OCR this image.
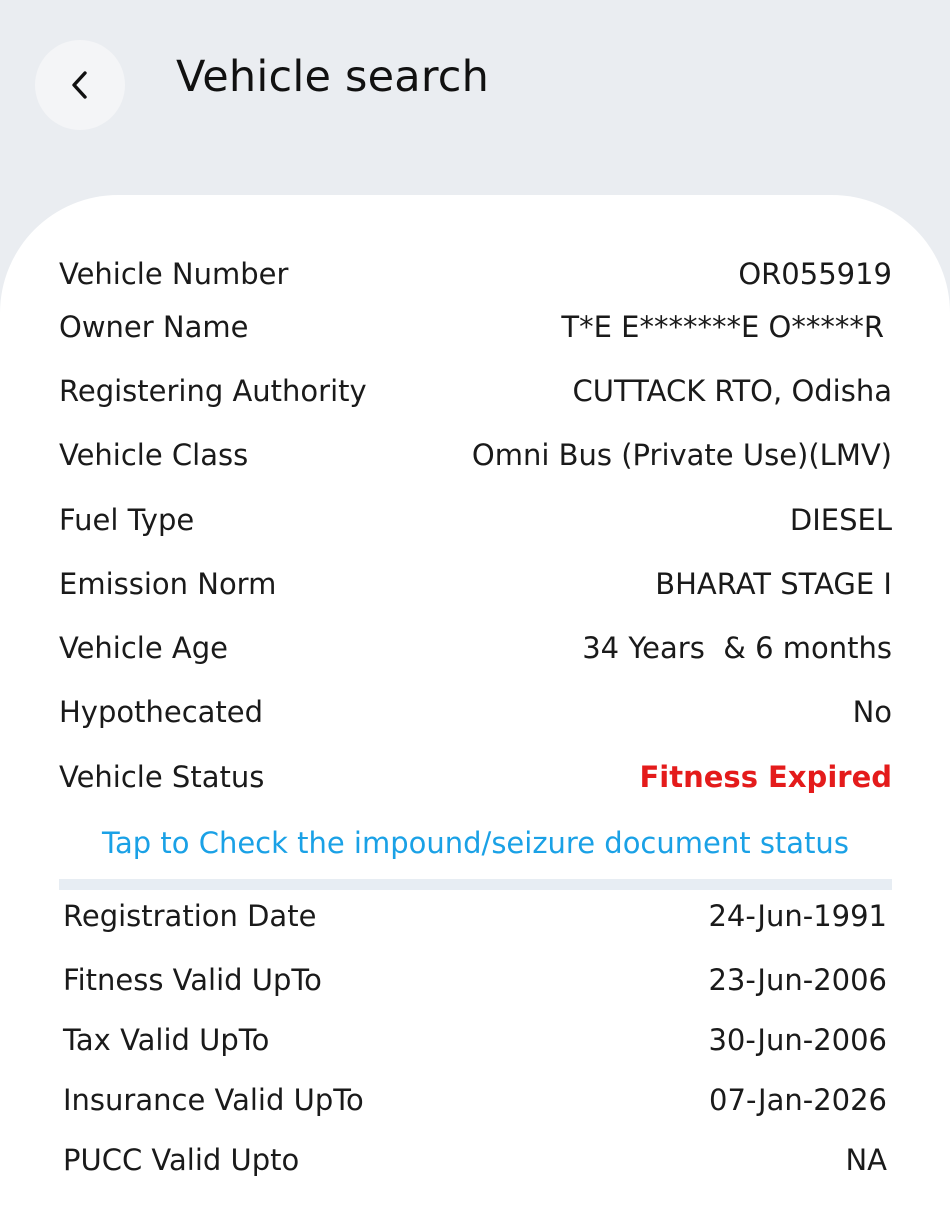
Vehicle search
Vehicle Number	OR055919
Owner Name	T*E E*******E O*****R
Registering Authority	CUTTACK RTO, Odisha
Vehicle Class	Omni Bus (Private Use)(LMV)
Fuel Type	DIESEL
Emission Norm	BHARAT STAGE I
Vehicle Age	34 Years  & 6 months
Hypothecated	No
Vehicle Status	Fitness Expired
Tap to Check the impound/seizure document status
Registration Date	24-Jun-1991
Fitness Valid UpTo	23-Jun-2006
Tax Valid UpTo	30-Jun-2006
Insurance Valid UpTo	07-Jan-2026
PUCC Valid Upto	NA
